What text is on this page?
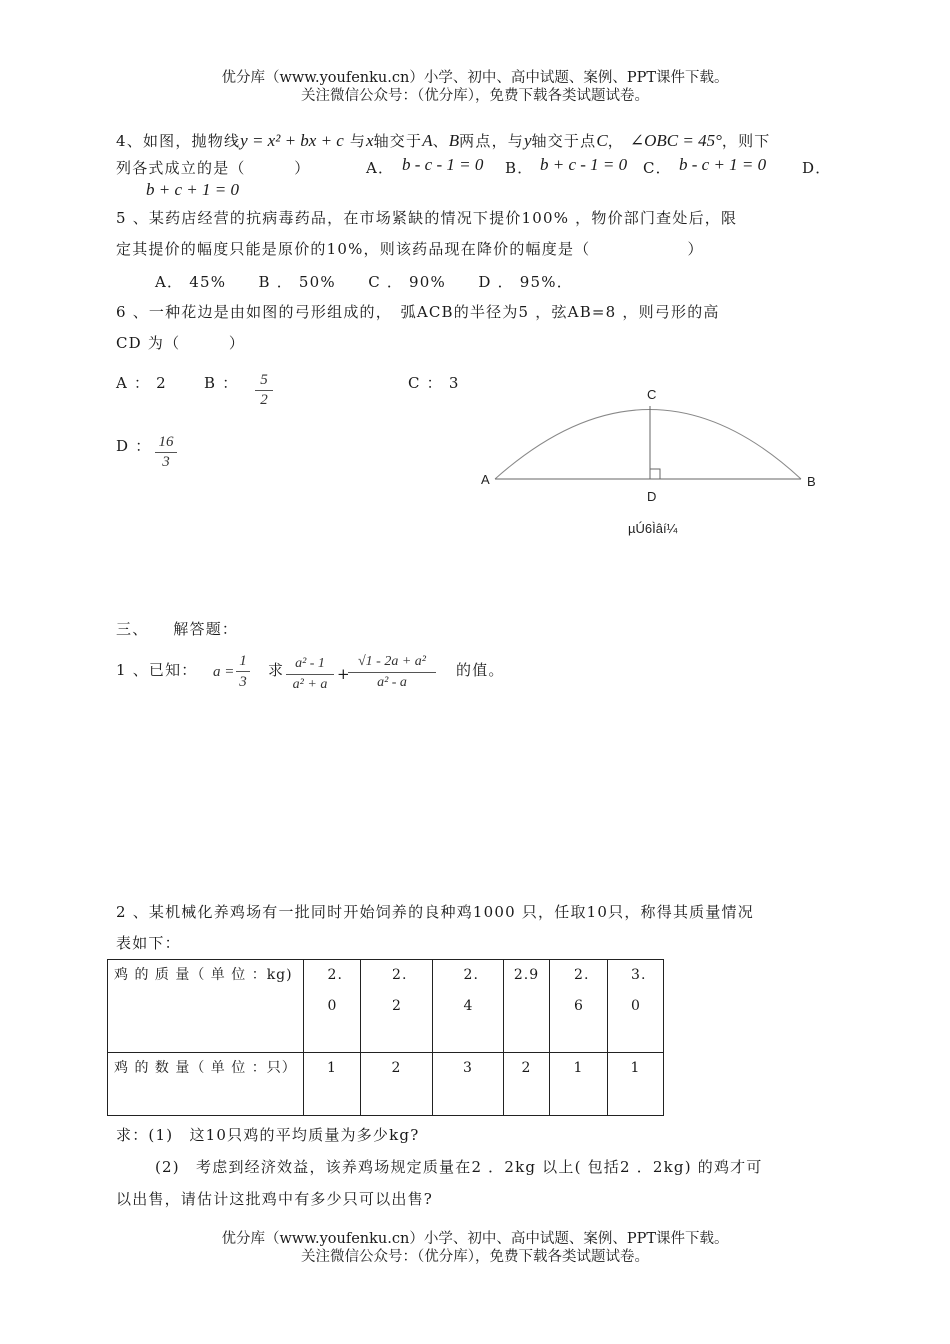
优分库（www.youfenku.cn）小学、初中、高中试题、案例、PPT课件下载。
关注微信公众号：（优分库），免费下载各类试题试卷。
4、如图，抛物线y = x² + bx + c 与x轴交于A、B两点，与y轴交于点C， ∠OBC = 45°，则下
列各式成立的是（　　　）	A． b - c - 1 = 0 B． b + c - 1 = 0 C． b - c + 1 = 0 D．
b + c + 1 = 0
5 、某药店经营的抗病毒药品，在市场紧缺的情况下提价100% ，物价部门查处后，限
定其提价的幅度只能是原价的10%，则该药品现在降价的幅度是（　　　　　　）
A． 45%　　B ． 50%　　C ． 90%　　D ． 95%．
6 、一种花边是由如图的弓形组成的，　弧ACB的半径为5 ，弦AB=8 ，则弓形的高
CD 为（　　　）
A ： 2 B ： $\frac{5}{2}$	C ： 3
D ： $\frac{16}{3}$
C
A
D
B
µÚ6Ìâí¼
三、　　解答题：
1 、已知： $a = \frac{1}{3}$ 求 $\frac{\text{a² - 1}}{\text{a² + a}}$ +
$\frac{\text{√1 - 2a + a²}}{\text{a² - a}}$ 的值。
2 、某机械化养鸡场有一批同时开始饲养的良种鸡1000 只，任取10只，称得其质量情况
表如下：
鸡 的 质 量（ 单 位 ：kg)	2.0	2.2	2.4	2.9	2.6	3.0

鸡 的 数 量（ 单 位 ：只）	1	2	3	2	1	1
求：(1)　这10只鸡的平均质量为多少kg?
(2)　考虑到经济效益，该养鸡场规定质量在2 ．2kg 以上( 包括2 ．2kg) 的鸡才可
以出售，请估计这批鸡中有多少只可以出售?
优分库（www.youfenku.cn）小学、初中、高中试题、案例、PPT课件下载。
关注微信公众号：（优分库），免费下载各类试题试卷。
